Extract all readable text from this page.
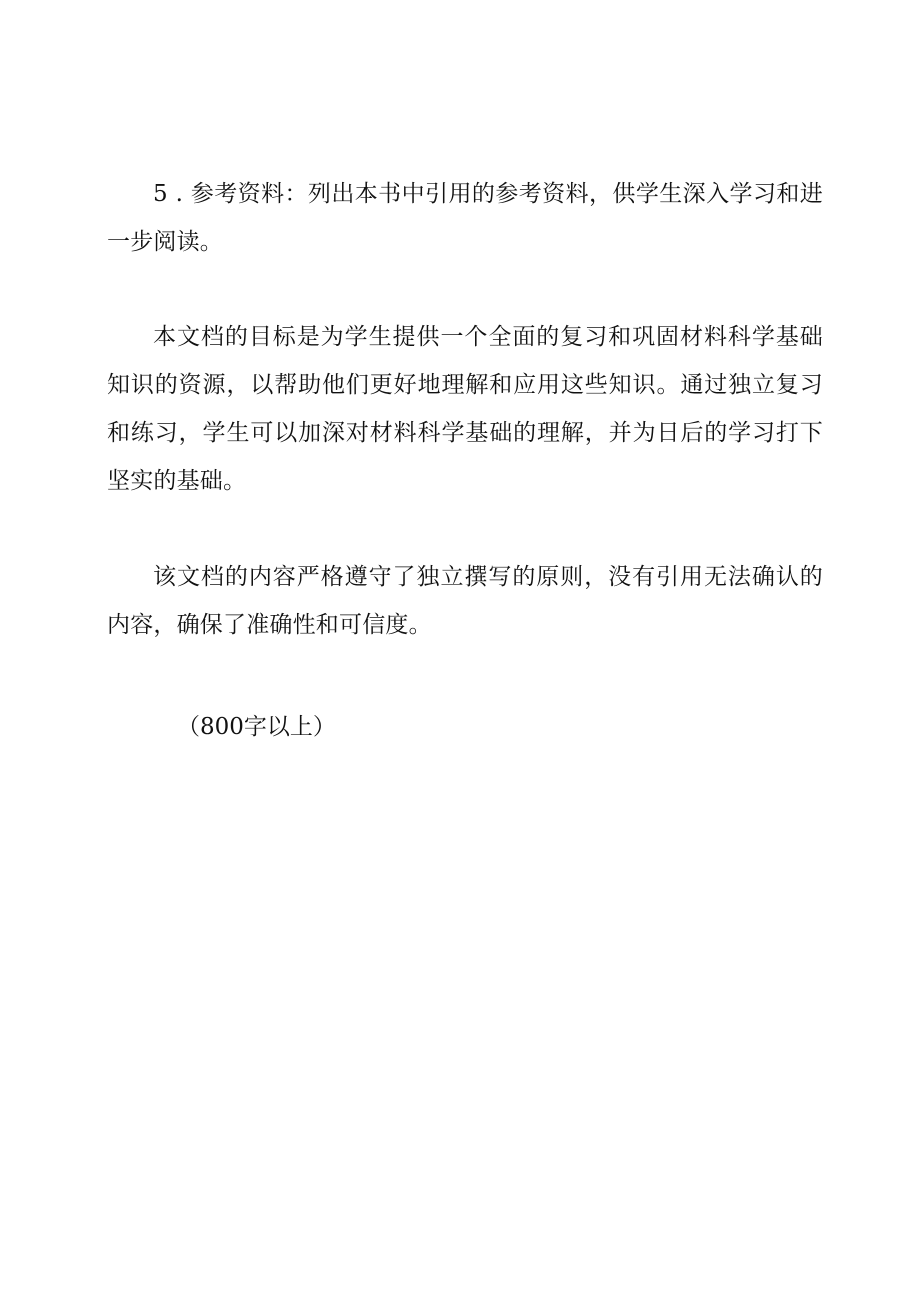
5 . 参考资料：列出本书中引用的参考资料，供学生深入学习和进一步阅读。

本文档的目标是为学生提供一个全面的复习和巩固材料科学基础知识的资源，以帮助他们更好地理解和应用这些知识。通过独立复习和练习，学生可以加深对材料科学基础的理解，并为日后的学习打下坚实的基础。

该文档的内容严格遵守了独立撰写的原则，没有引用无法确认的内容，确保了准确性和可信度。

（800字以上）
